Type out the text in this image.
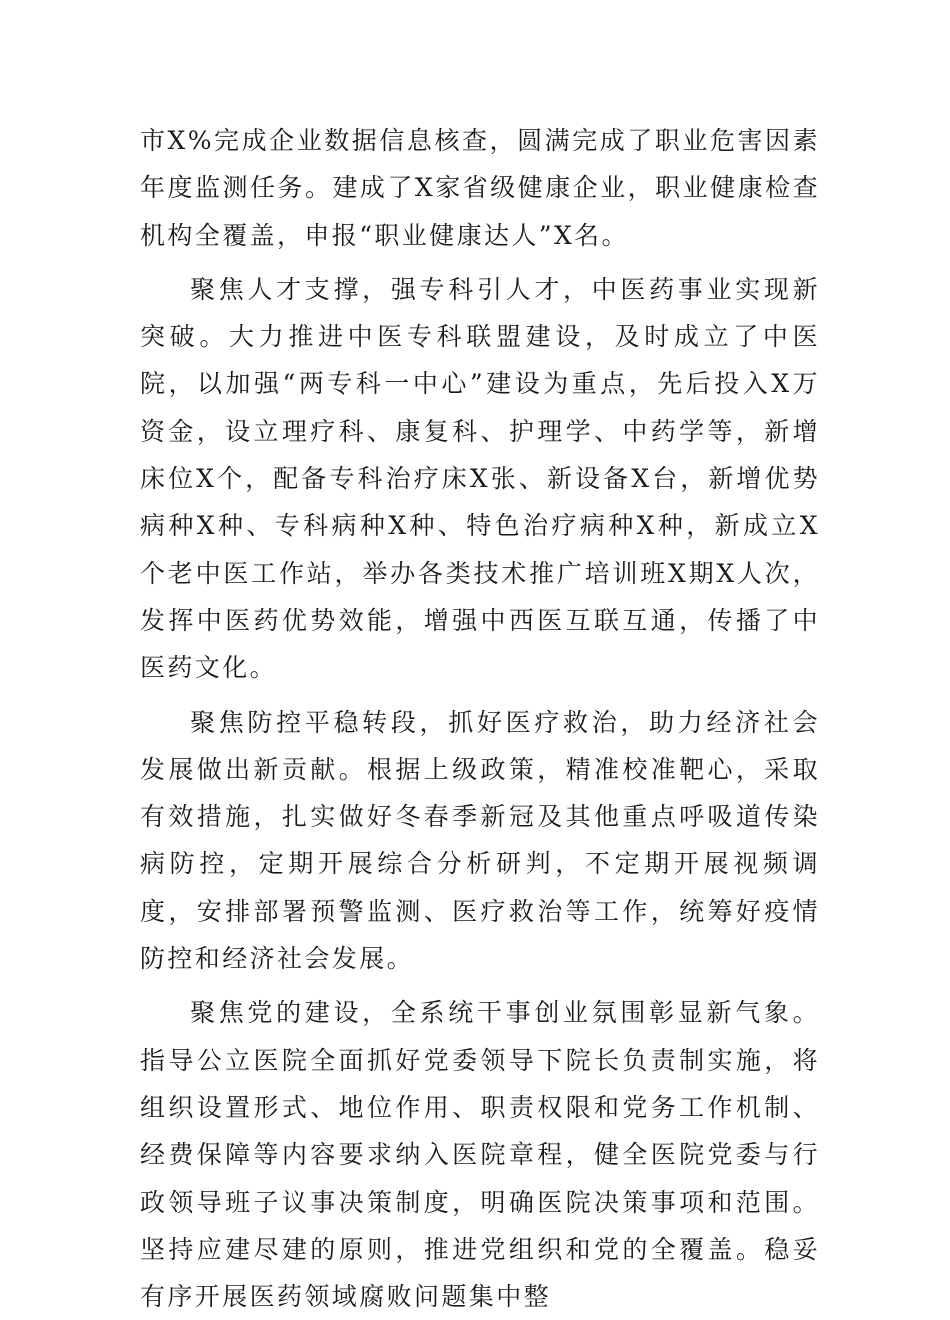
市X%完成企业数据信息核查，圆满完成了职业危害因素年度监测任务。建成了X家省级健康企业，职业健康检查机构全覆盖，申报“职业健康达人”X名。

聚焦人才支撑，强专科引人才，中医药事业实现新突破。大力推进中医专科联盟建设，及时成立了中医院，以加强“两专科一中心”建设为重点，先后投入X万资金，设立理疗科、康复科、护理学、中药学等，新增床位X个，配备专科治疗床X张、新设备X台，新增优势病种X种、专科病种X种、特色治疗病种X种，新成立X个老中医工作站，举办各类技术推广培训班X期X人次，发挥中医药优势效能，增强中西医互联互通，传播了中医药文化。

聚焦防控平稳转段，抓好医疗救治，助力经济社会发展做出新贡献。根据上级政策，精准校准靶心，采取有效措施，扎实做好冬春季新冠及其他重点呼吸道传染病防控，定期开展综合分析研判，不定期开展视频调度，安排部署预警监测、医疗救治等工作，统筹好疫情防控和经济社会发展。

聚焦党的建设，全系统干事创业氛围彰显新气象。指导公立医院全面抓好党委领导下院长负责制实施，将组织设置形式、地位作用、职责权限和党务工作机制、经费保障等内容要求纳入医院章程，健全医院党委与行政领导班子议事决策制度，明确医院决策事项和范围。坚持应建尽建的原则，推进党组织和党的全覆盖。稳妥有序开展医药领域腐败问题集中整
